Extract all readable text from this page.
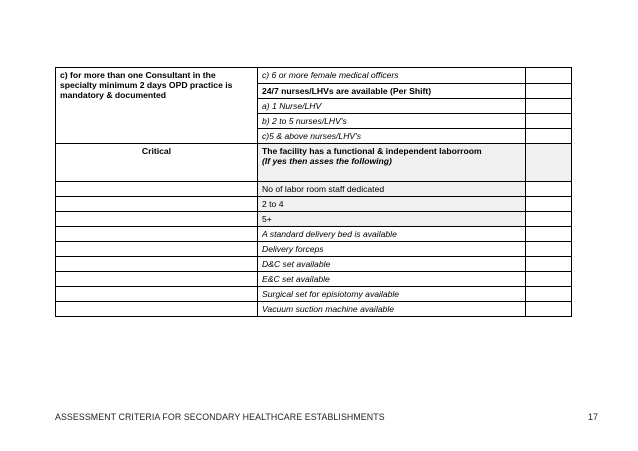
c) for more than one Consultant in the specialty minimum 2 days OPD practice is mandatory & documented	c) 6 or more female medical officers	
	24/7 nurses/LHVs are available (Per Shift)	
	a) 1 Nurse/LHV	
	b) 2 to 5 nurses/LHV's	
	c)5 & above nurses/LHV's	
Critical	The facility has a functional & independent laborroom
(If yes then asses the following)	

	No of labor room staff dedicated	
	2 to 4	
	5+	
	A standard delivery bed is available	
	Delivery forceps	
	D&C set available	
	E&C set available	
	Surgical set for episiotomy available	
	Vacuum suction machine available	
ASSESSMENT CRITERIA FOR SECONDARY HEALTHCARE ESTABLISHMENTS	17
